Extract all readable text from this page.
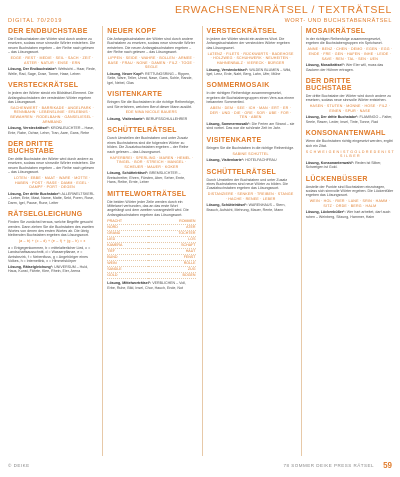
ERWACHSENENRÄTSEL / TEXTRÄTSEL
DIGITAL 70/2019	WORT- UND BUCHSTABENRÄTSEL
DER ENDBUCHSTABE

Die Endbuchstaben der Wörter sind durch andere zu ersetzen, sodass neue sinnvolle Wörter entstehen. Die neuen Buchstaben ergeben – der Reihe nach gelesen – das Lösungswort.

EDGE · REST · MEDIE · SEIL · SACH · ZEIT · ASTER · NATUR · ENSE · ERN
Lösung, Der Endbuchstabe¹: Weltsicht – Haar, Rede, Welle, Rad, Sage, Dose, Tonne, Hase, Leben
VERSTECKRÄTSEL

In jedem der Wörter steckt ein Bildrätsel-Element. Die Anfangsbuchstaben der versteckten Wörter ergeben das Lösungswort.

SACHENWERT · BARRIKADE · ANGELPARK · RENNBAHN · LEBENSLINIE · ERLEBNIS · BEWAHREN · RODELBAHN · GÄNSELIESEL · ARMBAND
Lösung, Versteckrätsel¹: KRONLEUCHTER – Hase, Ente, Rabe, Ochse, Lehm, Tran, Aare, Gans, Rebe
DER DRITTE BUCHSTABE

Der dritte Buchstabe der Wörter wird durch andere zu ersetzen, sodass neue sinnvolle Wörter entstehen. Die neuen Buchstaben ergeben – der Reihe nach gelesen – das Lösungswort.

LOTEN · EBBE · MAAT · WARE · MOTTE · HABEN · POST · RASE · DAMM · EGEL · DAMPF · PORT · DEGEN
Lösung, Der dritte Buchstabe¹: ALLERWELTSKERL – Leber, Ente, Mast, Name, Matte, Sekt, Poren, Rose, Darm, Igel, Pause, Rune, Leiter
RÄTSELGLEICHUNG

Finden Sie zunächst heraus, welche Begriffe gesucht werden. Dann ziehen Sie die Buchstaben des zweiten Wortes von denen des ersten Wortes ab. Die übrig bleibenden Buchstaben ergeben das Lösungswort.

(a – b) + (c – d) + (e – f) + (g – h) = x

a = Entgegenkommen, b = mittelalterlicher Lied, c = Landschaftsausschnitt, d = Wasserpflanze, e = Amtsbezirk, f = Nebenfluss, g = Angehöriger eines Volkes, h = Internetlink, x = Himmelskörper

Lösung, Rätselgleichung¹: UNIVERSUM – Huld, Haus, Kunst, Fährte, Klee, Rhein, Eier, Arena
NEUER KOPF

Die Anfangsbuchstaben der Wörter sind durch andere Buchstaben zu ersetzen, sodass neue sinnvolle Wörter entstehen. Die neuen Anfangsbuchstaben ergeben – der Reihe nach gelesen – das Lösungswort.

LIPPEN · SEIDE · WAHRE · BOLLEN · ARMEE · BASE · FRAU · NONE · DAMEN · FILZ · TOGE · SEGLE
Lösung, Neuer Kopf¹: RETTUNGSRING – Rippen, Seile, Ware, Teller, Unrat, Nase, Gans, Sohle, Rande, Igel, Nebel, Glas
VISITENKARTE

Bringen Sie die Buchstaben in die richtige Reihenfolge, und Sie erfahren, welchen Beruf dieser Mann ausübt.

EDE NINA NICOLE BAUERS
Lösung, Visitenkarte¹: BERUFSSCHULLEHRER
SCHÜTTELRÄTSEL

Durch Umstellen der Buchstaben und unter Zusatz eines Buchstabens sind die folgenden Wörter zu bilden. Die Zusatzbuchstaben ergeben – der Reihe nach gelesen – das Lösungswort.

HAFERBREI · SPERLING · MAREN · HEMEL · TINGEL · BOR · STREICH · MANGEL · SCHEUER · MAUER · KOKER
Lösung, Schüttelrätsel¹: BREMSLICHTER – Breischreiter, Ehren, Fürsten, Aber, Seher, Ernte, Hans, Reibe, Ernte, Leber
MITTELWORTRÄTSEL

Die beiden Wörter jeder Zeile werden durch ein Mittelwort verbunden, das an das erste Wort angehängt und dem zweiten vorangestellt wird. Die Anfangsbuchstaben ergeben das Lösungswort.

PRACHT	ROMMEN
NORD	ATER
GRAND	TOCHTER
LIED	LOS
KAMERA	SCHAFT
TIEF	HAUT
BUND	FENST
WEIN	ROLLE
SANDLE	ZUG
GOLD	BOGEN
Lösung, Mittelworträtsel¹: VERBLICHEN – Voll, Erbe, Ruhe, Bild, Insel, Chor, Hauch, Ende, Not
VERSTECKRÄTSEL

In jedem der Wörter steckt ein anderes Wort. Die Anfangsbuchstaben der versteckten Wörter ergeben das Lösungswort.

LATENZ · FILETS · RÜCKWÄRTS · BADEHOSE · HOLZWEG · SCHUHWERK · NEUHEITEN · HAHNENBALZ · VIERECK · BÜRGER
Lösung, Versteckrätsel¹: WILDEN BLUMEN – Wild, Igel, Lenz, Erde, Naht, Berg, Lahn, Ufer, Mühe
SOMMERMOSAIK

In der richtigen Reihenfolge zusammengesetzt, ergeben die Buchstabengruppen einen Vers aus einem bekannten Sommerlied.

ABEN · DEM · SEE · ICH · MAN · ERT · ER · DER · UND · DIE · ORE · SOR · UBE · FOR · TEN · ABEN
Lösung, Sommermosaik¹: Die Ferien am Strand – sie sind vorbei. Das war die schönste Zeit im Jahr.
VISITENKARTE

Bringen Sie die Buchstaben in die richtige Reihenfolge.

SABINE SCHÜTTEL
Lösung, Visitenkarte¹: HOTELFACHFRAU
SCHÜTTELRÄTSEL

Durch Umstellen der Buchstaben und unter Zusatz eines Buchstabens sind neue Wörter zu bilden. Die Zusatzbuchstaben ergeben das Lösungswort.

DISTANZIERE · SENKER · TREIBEN · STANGE · HACHE · RENEE · LEBER
Lösung, Schüttelrätsel¹: WARENHAUS – Stern, Brauch, Aufsicht, Mehrung, Mauer, Rente, Mann
MOSAIKRÄTSEL

In der richtigen Reihenfolge zusammengesetzt, ergeben die Buchstabengruppen ein Sprichwort.

ANNE · BENZ · CHEN · DEMO · EGEN · EGG · ENDE · FRE · GEN · HAFEN · INHE · LEIDE · SAVE · REN · TAL · SEN · UEN
Lösung, Mosaikrätsel¹: Wer Eier will, muss das Gackern der Hühner ertragen.
DER DRITTE BUCHSTABE

Der dritte Buchstabe der Wörter wird durch andere zu ersetzen, sodass neue sinnvolle Wörter entstehen.

HASEN · STUTEN · MONNE · HOSE · FILZ · EINEN · SPUR · NASE
Lösung, Der dritte Buchstabe¹: FLAMINGO – Falter, Seele, Rasen, Leder, Insel, Tinte, Tonne, Rad
KONSONANTENWAHL

Wenn die Buchstaben richtig eingesetzt werden, ergibt sich ein Zitat.

S C H W E I G E N I S T G O L D R E D E N I S T S I L B E R
Lösung, Konsonantenwahl¹: Reden ist Silber, Schweigen ist Gold.
LÜCKENBÜSSER

Anstelle der Punkte sind Buchstaben einzutragen, sodass sich sinnvolle Wörter ergeben. Die Lückenfüller ergeben das Lösungswort.

WEIN · HOL · RIER · LANE · SRIN · HAMM · SITZ · ORDE · BERG · HALM
Lösung, Lückenbüßer¹: Wer hart arbeitet, darf auch ruhen – Weinberg, Sitzung, Hammer, Halm
© DEIKE	78 SOMMER DEIKE PRESS RÄTSEL 59
